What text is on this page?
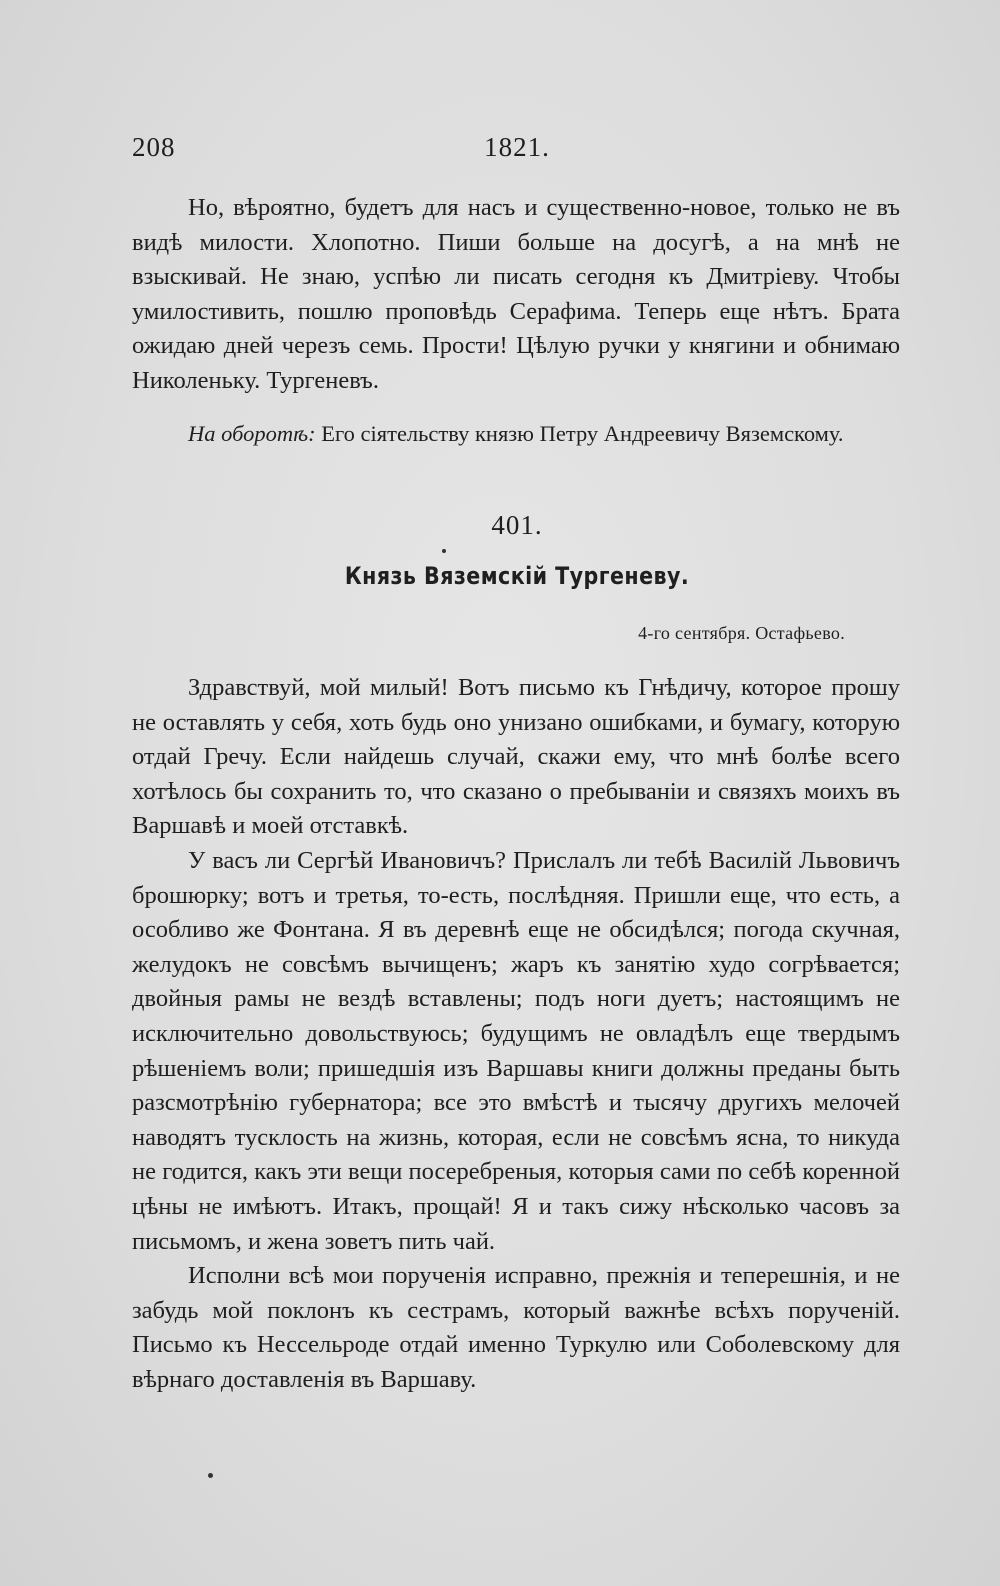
208	1821.

Но, вѣроятно, будетъ для насъ и существенно-новое, только не въ видѣ милости. Хлопотно. Пиши больше на досугѣ, а на мнѣ не взыскивай. Не знаю, успѣю ли писать сегодня къ Дмитріеву. Чтобы умилостивить, пошлю проповѣдь Серафима. Теперь еще нѣтъ. Брата ожидаю дней черезъ семь. Прости! Цѣлую ручки у княгини и обнимаю Николеньку. Тургеневъ.

На оборотѣ: Его сіятельству князю Петру Андреевичу Вяземскому.
401.
Князь Вяземскій Тургеневу.
4-го сентября. Остафьево.

Здравствуй, мой милый! Вотъ письмо къ Гнѣдичу, которое прошу не оставлять у себя, хоть будь оно унизано ошибками, и бумагу, которую отдай Гречу. Если найдешь случай, скажи ему, что мнѣ болѣе всего хотѣлось бы сохранить то, что сказано о пребываніи и связяхъ моихъ въ Варшавѣ и моей отставкѣ.

У васъ ли Сергѣй Ивановичъ? Прислалъ ли тебѣ Василій Львовичъ брошюрку; вотъ и третья, то-есть, послѣдняя. Пришли еще, что есть, а особливо же Фонтана. Я въ деревнѣ еще не обсидѣлся; погода скучная, желудокъ не совсѣмъ вычищенъ; жаръ къ занятію худо согрѣвается; двойныя рамы не вездѣ вставлены; подъ ноги дуетъ; настоящимъ не исключительно довольствуюсь; будущимъ не овладѣлъ еще твердымъ рѣшеніемъ воли; пришедшія изъ Варшавы книги должны преданы быть разсмотрѣнію губернатора; все это вмѣстѣ и тысячу другихъ мелочей наводятъ тусклость на жизнь, которая, если не совсѣмъ ясна, то никуда не годится, какъ эти вещи посеребреныя, которыя сами по себѣ коренной цѣны не имѣютъ. Итакъ, прощай! Я и такъ сижу нѣсколько часовъ за письмомъ, и жена зоветъ пить чай.

Исполни всѣ мои порученія исправно, прежнія и теперешнія, и не забудь мой поклонъ къ сестрамъ, который важнѣе всѣхъ порученій. Письмо къ Нессельроде отдай именно Туркулю или Соболевскому для вѣрнаго доставленія въ Варшаву.
